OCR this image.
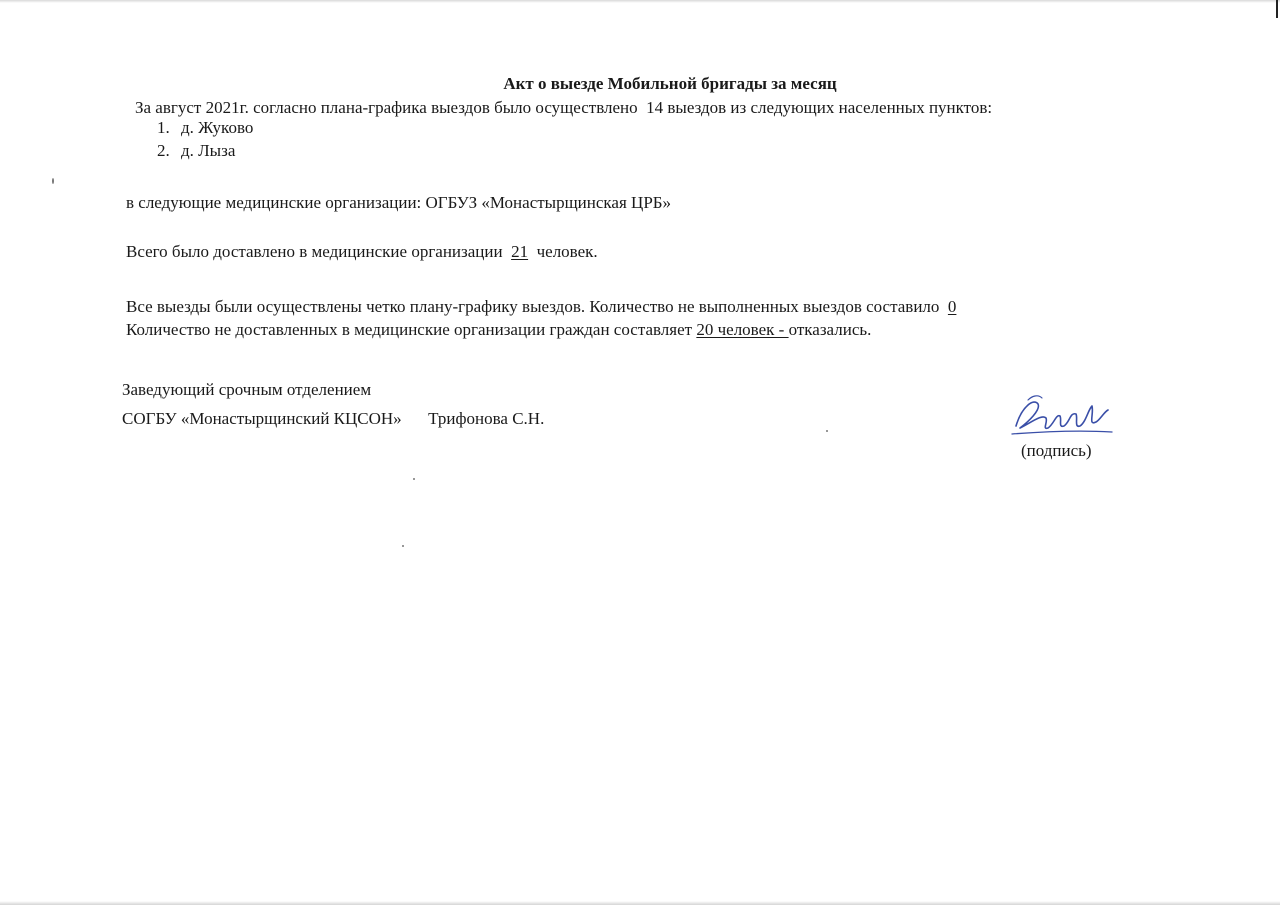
Акт о выезде Мобильной бригады за месяц
За август 2021г. согласно плана-графика выездов было осуществлено 14 выездов из следующих населенных пунктов:
1. д. Жуково
2. д. Лыза
в следующие медицинские организации: ОГБУЗ «Монастырщинская ЦРБ»
Всего было доставлено в медицинские организации 21 человек.
Все выезды были осуществлены четко плану-графику выездов. Количество не выполненных выездов составило 0
Количество не доставленных в медицинские организации граждан составляет 20 человек - отказались.
Заведующий срочным отделением
СОГБУ «Монастырщинский КЦСОН» Трифонова С.Н.
(подпись)
